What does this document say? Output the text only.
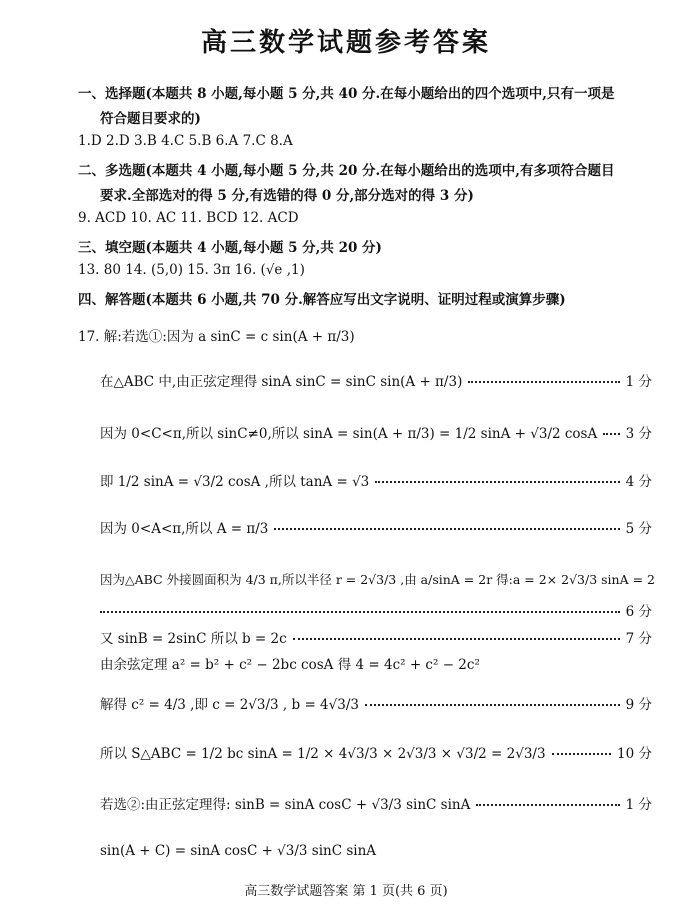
高三数学试题参考答案
一、选择题(本题共 8 小题,每小题 5 分,共 40 分.在每小题给出的四个选项中,只有一项是
符合题目要求的)
1.D 2.D 3.B 4.C 5.B 6.A 7.C 8.A
二、多选题(本题共 4 小题,每小题 5 分,共 20 分.在每小题给出的选项中,有多项符合题目
要求.全部选对的得 5 分,有选错的得 0 分,部分选对的得 3 分)
9. ACD 10. AC 11. BCD 12. ACD
三、填空题(本题共 4 小题,每小题 5 分,共 20 分)
13. 80 14. (5,0) 15. 3π 16. (√e ,1)
四、解答题(本题共 6 小题,共 70 分.解答应写出文字说明、证明过程或演算步骤)
17. 解:若选①:因为 a sinC = c sin(A + π/3)
在△ABC 中,由正弦定理得 sinA sinC = sinC sin(A + π/3)	1 分
因为 0<C<π,所以 sinC≠0,所以 sinA = sin(A + π/3) = 1/2 sinA + √3/2 cosA 3 分
即 1/2 sinA = √3/2 cosA ,所以 tanA = √3	4 分
因为 0<A<π,所以 A = π/3	5 分
因为△ABC 外接圆面积为 4/3 π,所以半径 r = 2√3/3 ,由 a/sinA = 2r 得:a = 2× 2√3/3 sinA = 2
6 分
又 sinB = 2sinC 所以 b = 2c	7 分
由余弦定理 a² = b² + c² − 2bc cosA 得 4 = 4c² + c² − 2c²
解得 c² = 4/3 ,即 c = 2√3/3 , b = 4√3/3	9 分
所以 S△ABC = 1/2 bc sinA = 1/2 × 4√3/3 × 2√3/3 × √3/2 = 2√3/3	10 分
若选②:由正弦定理得: sinB = sinA cosC + √3/3 sinC sinA	1 分
sin(A + C) = sinA cosC + √3/3 sinC sinA
高三数学试题答案 第 1 页(共 6 页)
